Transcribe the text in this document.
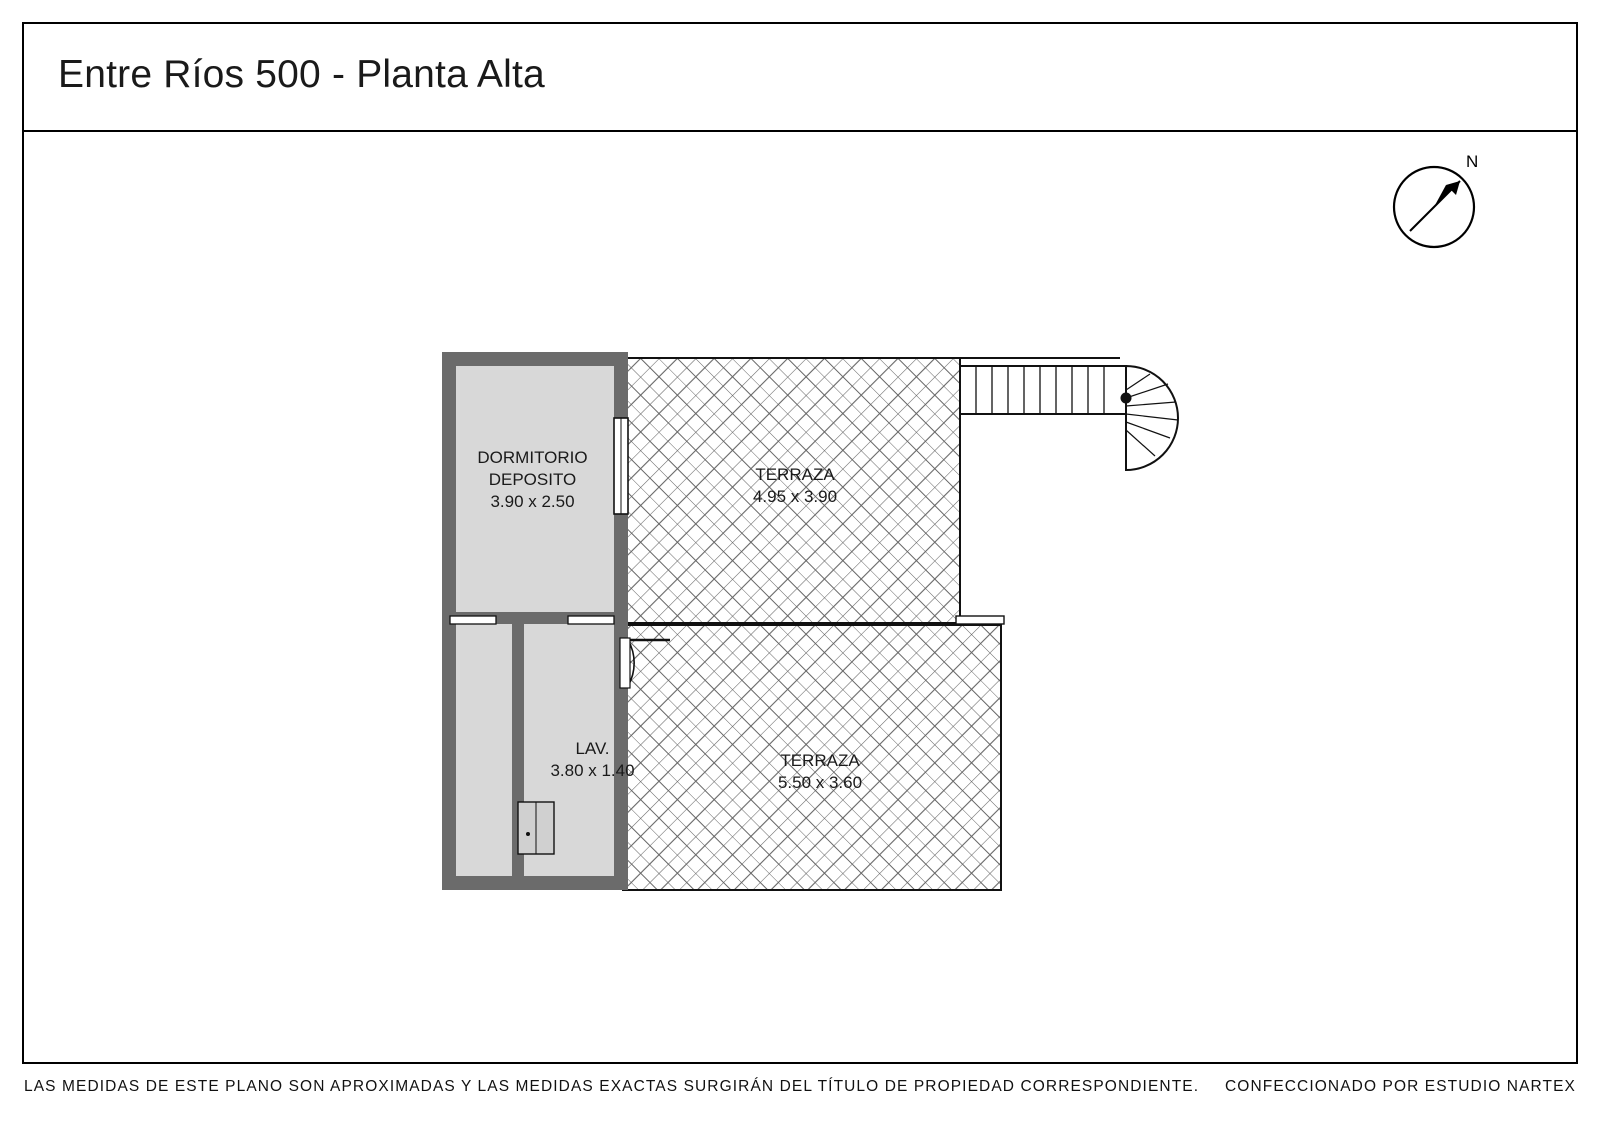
Entre Ríos 500 - Planta Alta
N
DORMITORIO
DEPOSITO
3.90 x 2.50
LAV.
3.80 x 1.40
TERRAZA
4.95 x 3.90
TERRAZA
5.50 x 3.60
LAS MEDIDAS DE ESTE PLANO SON APROXIMADAS Y LAS MEDIDAS EXACTAS SURGIRÁN DEL TÍTULO DE PROPIEDAD CORRESPONDIENTE. CONFECCIONADO POR ESTUDIO NARTEX
